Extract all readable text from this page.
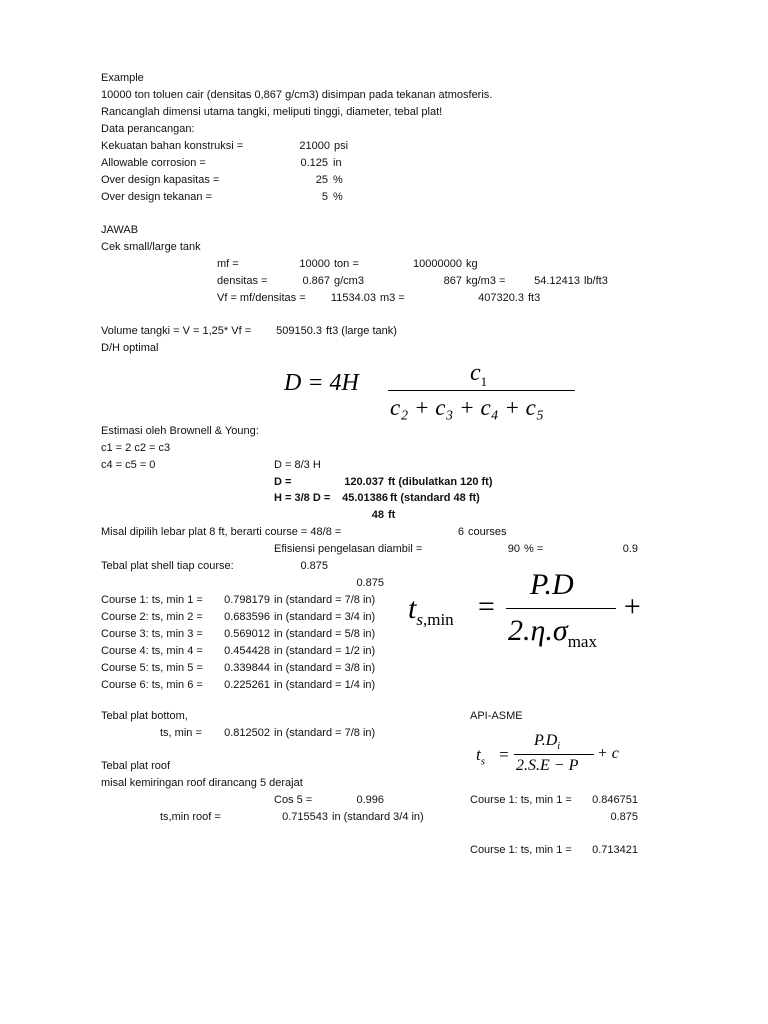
Example
10000 ton toluen cair (densitas 0,867 g/cm3) disimpan pada tekanan atmosferis.
Rancanglah dimensi utama tangki, meliputi tinggi, diameter, tebal plat!
Data perancangan:
Kekuatan bahan konstruksi =	21000 psi
Allowable corrosion =	0.125 in
Over design kapasitas =	25 %
Over design tekanan =	5 %
JAWAB
Cek small/large tank
mf =	10000 ton =	10000000 kg
densitas =	0.867 g/cm3	867 kg/m3 =	54.12413 lb/ft3
Vf = mf/densitas =	11534.03 m3 =	407320.3 ft3
Volume tangki = V = 1,25* Vf =	509150.3 ft3 (large tank)
D/H optimal
D = 4H	$c_1$
c₂ + c₃ + c₄ + c₅
Estimasi oleh Brownell & Young:
c1 = 2 c2 = c3
c4 = c5 = 0	D = 8/3 H
D =	120.037 ft (dibulatkan 120 ft)
H = 3/8 D =	45.01386 ft (standard 48 ft)
48 ft
Misal dipilih lebar plat 8 ft, berarti course = 48/8 =	6 courses
Efisiensi pengelasan diambil =	90 % =	0.9
Tebal plat shell tiap course:	0.875
0.875
Course 1: ts, min 1 =	0.798179 in (standard = 7/8 in)
Course 2: ts, min 2 =	0.683596 in (standard = 3/4 in)
Course 3: ts, min 3 =	0.569012 in (standard = 5/8 in)
Course 4: ts, min 4 =	0.454428 in (standard = 1/2 in)
Course 5: ts, min 5 =	0.339844 in (standard = 3/8 in)
Course 6: ts, min 6 =	0.225261 in (standard = 1/4 in)
$t_{s,min}$ =
P.D
$2.\eta.\sigma_{max}$
+
Tebal plat bottom,
ts, min =	0.812502 in (standard = 7/8 in)
Tebal plat roof
misal kemiringan roof dirancang 5 derajat
Cos 5 =	0.996
ts,min roof =	0.715543 in (standard 3/4 in)
API-ASME
$t_s$ =
$P.D_i$
2.S.E − P
+ c
Course 1: ts, min 1 =	0.846751
0.875
Course 1: ts, min 1 =	0.713421
